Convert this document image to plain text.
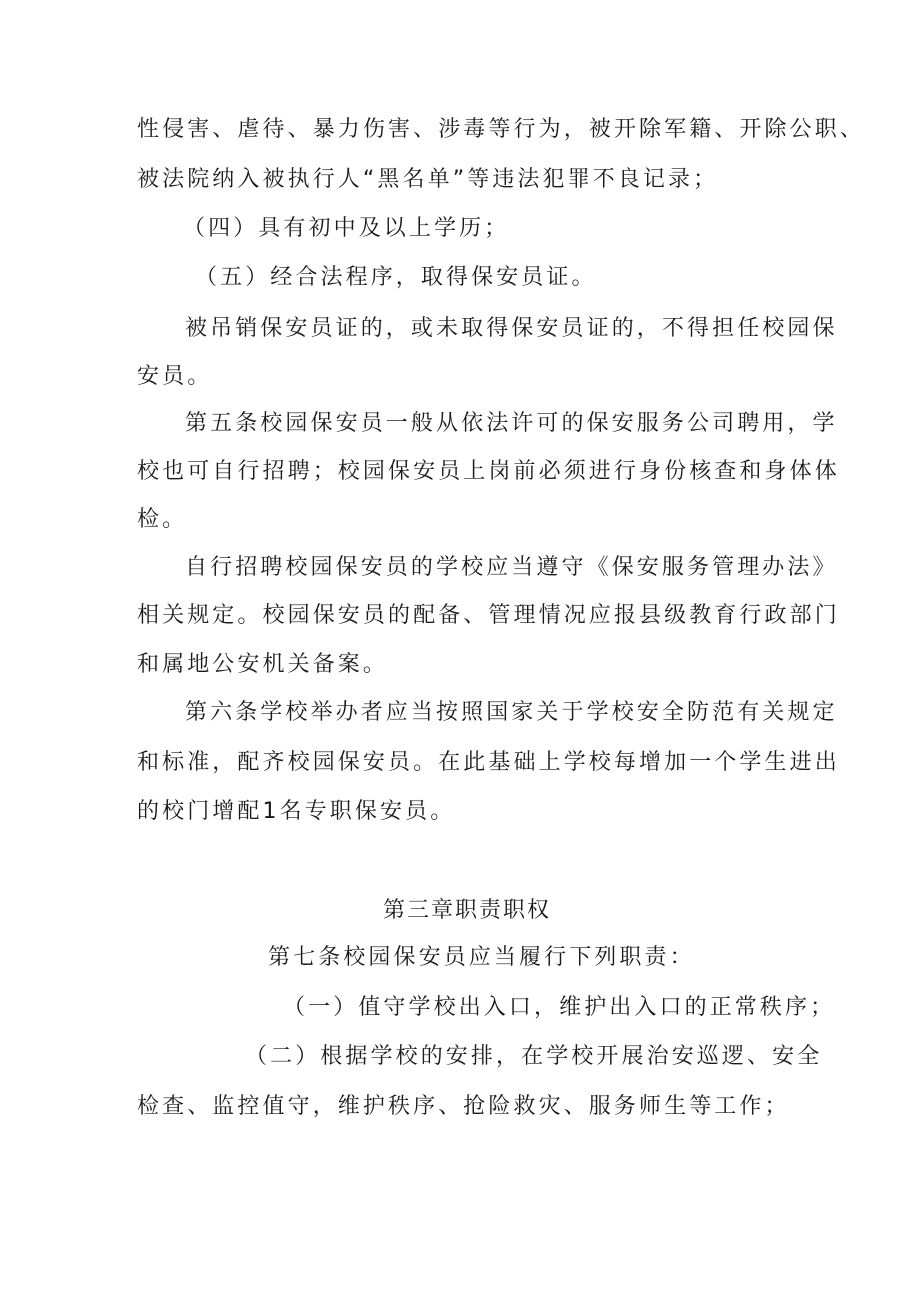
性侵害、虐待、暴力伤害、涉毒等行为，被开除军籍、开除公职、
被法院纳入被执行人“黑名单”等违法犯罪不良记录；
（四）具有初中及以上学历；
（五）经合法程序，取得保安员证。
被吊销保安员证的，或未取得保安员证的，不得担任校园保
安员。
第五条校园保安员一般从依法许可的保安服务公司聘用，学
校也可自行招聘；校园保安员上岗前必须进行身份核查和身体体
检。
自行招聘校园保安员的学校应当遵守《保安服务管理办法》
相关规定。校园保安员的配备、管理情况应报县级教育行政部门
和属地公安机关备案。
第六条学校举办者应当按照国家关于学校安全防范有关规定
和标准，配齐校园保安员。在此基础上学校每增加一个学生进出
的校门增配1名专职保安员。
第三章职责职权
第七条校园保安员应当履行下列职责：
（一）值守学校出入口，维护出入口的正常秩序；
（二）根据学校的安排，在学校开展治安巡逻、安全
检查、监控值守，维护秩序、抢险救灾、服务师生等工作；
